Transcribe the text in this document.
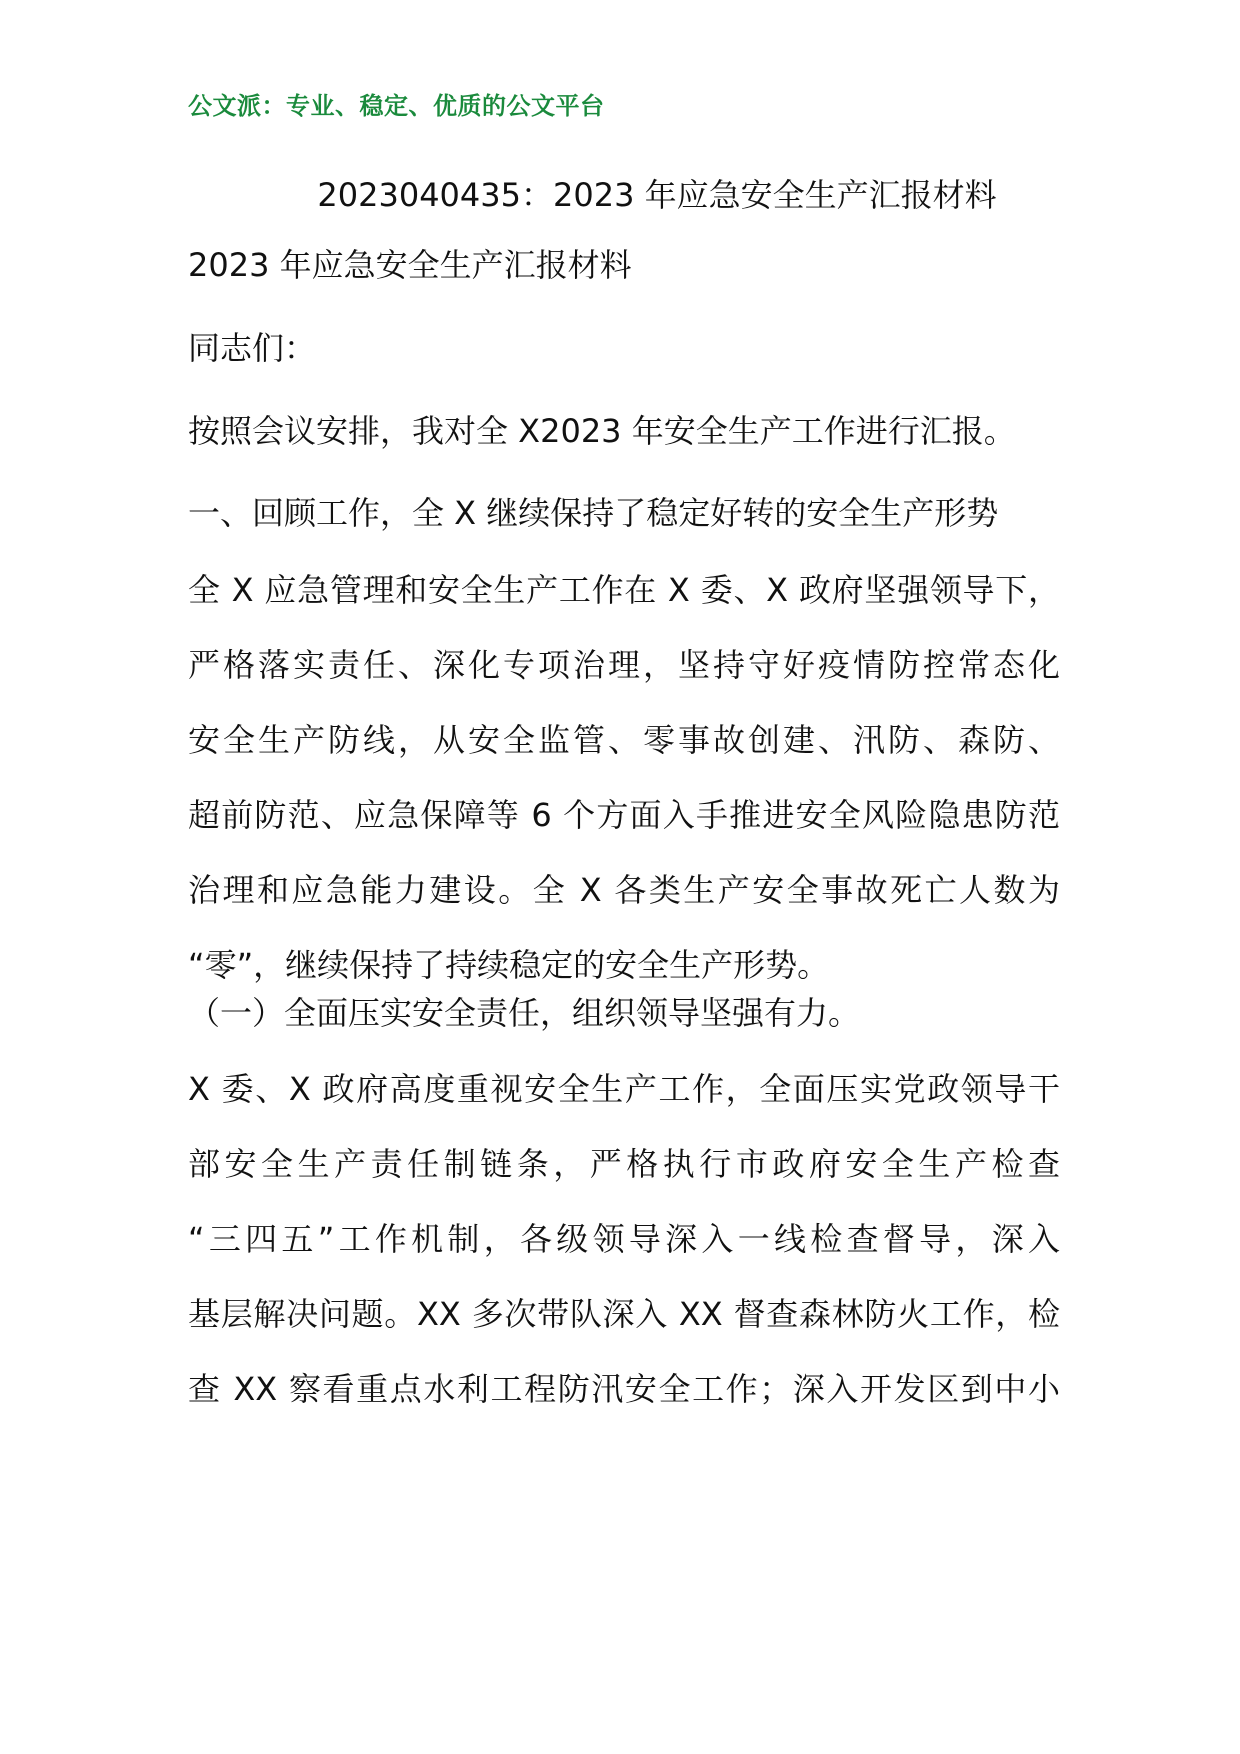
公文派：专业、稳定、优质的公文平台
2023040435：2023 年应急安全生产汇报材料
2023 年应急安全生产汇报材料
同志们：
按照会议安排，我对全 X2023 年安全生产工作进行汇报。
一、回顾工作，全 X 继续保持了稳定好转的安全生产形势
全 X 应急管理和安全生产工作在 X 委、X 政府坚强领导下，
严格落实责任、深化专项治理，坚持守好疫情防控常态化
安全生产防线，从安全监管、零事故创建、汛防、森防、
超前防范、应急保障等 6 个方面入手推进安全风险隐患防范
治理和应急能力建设。全 X 各类生产安全事故死亡人数为
“零”，继续保持了持续稳定的安全生产形势。
（一）全面压实安全责任，组织领导坚强有力。
X 委、X 政府高度重视安全生产工作，全面压实党政领导干
部安全生产责任制链条，严格执行市政府安全生产检查
“三四五”工作机制，各级领导深入一线检查督导，深入
基层解决问题。XX 多次带队深入 XX 督查森林防火工作，检
查 XX 察看重点水利工程防汛安全工作；深入开发区到中小
